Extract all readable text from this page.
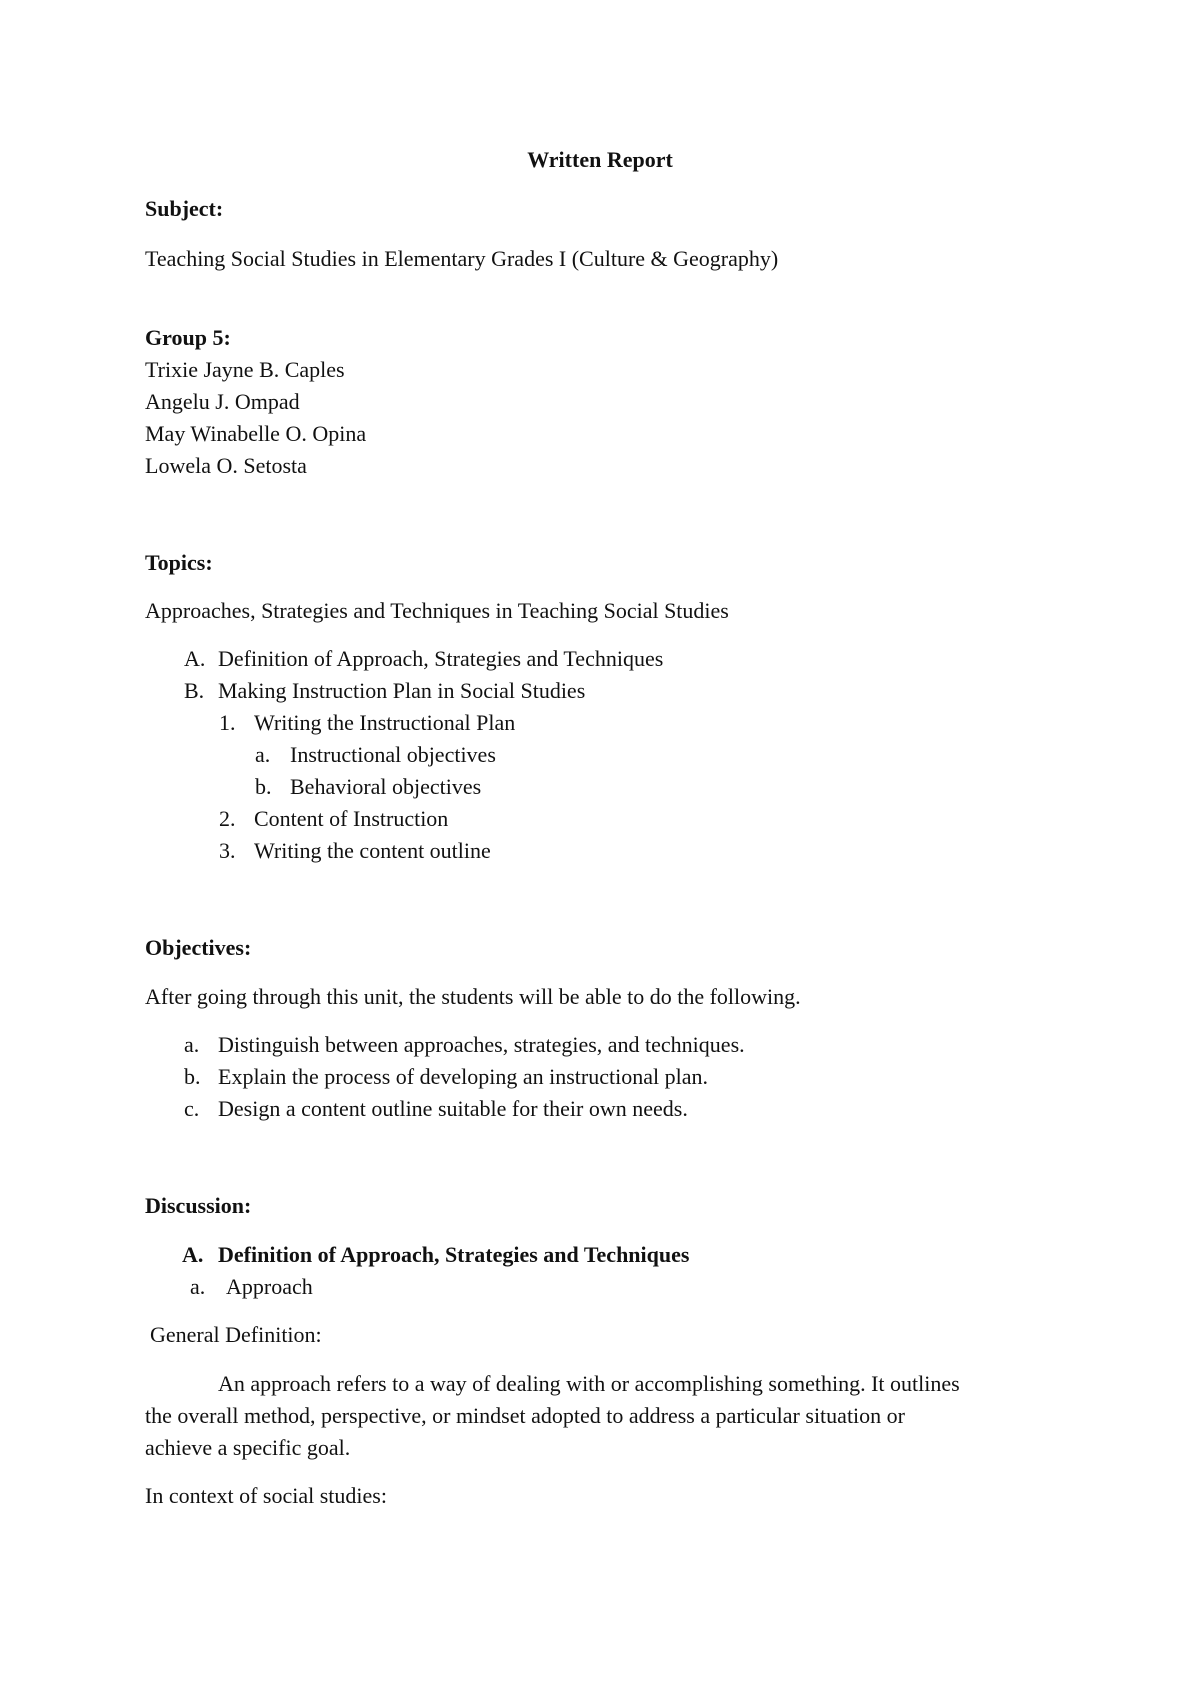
Written Report
Subject:
Teaching Social Studies in Elementary Grades I (Culture & Geography)
Group 5:
Trixie Jayne B. Caples
Angelu J. Ompad
May Winabelle O. Opina
Lowela O. Setosta
Topics:
Approaches, Strategies and Techniques in Teaching Social Studies
A. Definition of Approach, Strategies and Techniques
B. Making Instruction Plan in Social Studies
1. Writing the Instructional Plan
a. Instructional objectives
b. Behavioral objectives
2. Content of Instruction
3. Writing the content outline
Objectives:
After going through this unit, the students will be able to do the following.
a. Distinguish between approaches, strategies, and techniques.
b. Explain the process of developing an instructional plan.
c. Design a content outline suitable for their own needs.
Discussion:
A. Definition of Approach, Strategies and Techniques
a. Approach
General Definition:
An approach refers to a way of dealing with or accomplishing something. It outlines
the overall method, perspective, or mindset adopted to address a particular situation or
achieve a specific goal.
In context of social studies:
